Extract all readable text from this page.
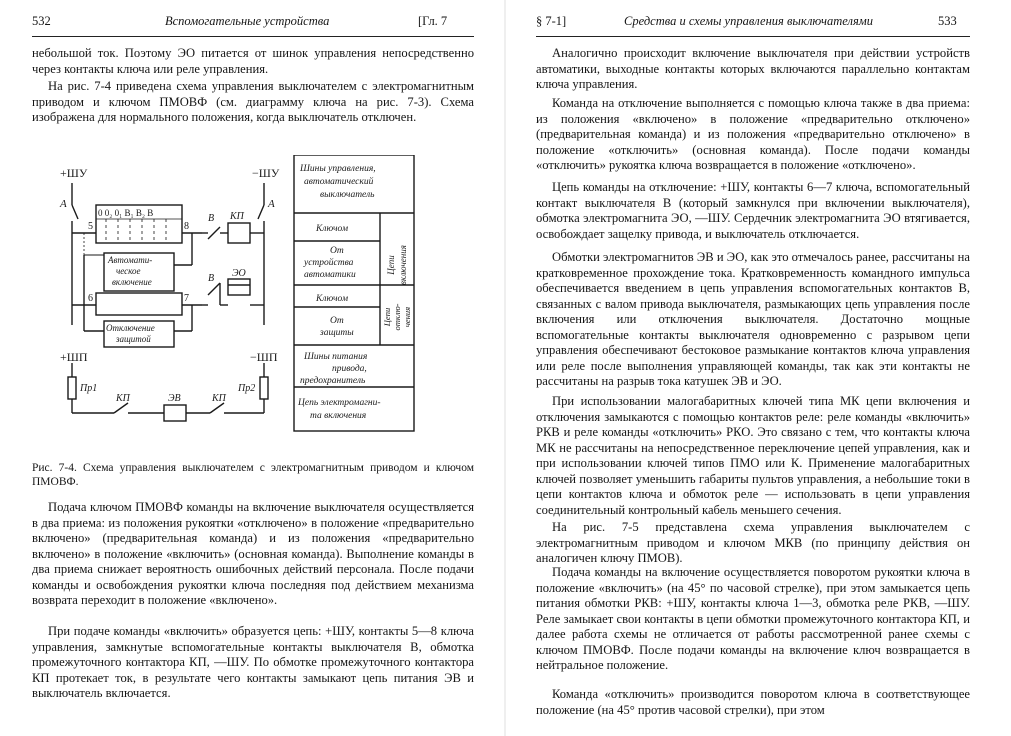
532	Вспомогательные устройства	[Гл. 7

небольшой ток. Поэтому ЭО питается от шинок управления непосредственно через контакты ключа или реле управления.

На рис. 7-4 приведена схема управления выключателем с электромагнитным приводом и ключом ПМОВФ (см. диаграмму ключа на рис. 7-3). Схема изображена для нормального положения, когда выключатель отключен.

+ШУ	−ШУ
А	А
0 0₂ 0₁ В₁ В₂ В
5	8
6	7
В
В
КП
ЭО
Автомати-
ческое
включение
Отключение
защитой
+ШП	−ШП
Пр1	Пр2
КП	ЭВ	КП
Шины управления,
автоматический
выключатель
Ключом
От
устройства
автоматики
Цепи включения
Ключом
От
защиты
Цепи отклю- чения
Шины питания
привода,
предохранитель
Цепь электромагни-
та включения

Рис. 7-4. Схема управления выключателем с электромагнитным приводом и ключом ПМОВФ.

Подача ключом ПМОВФ команды на включение выключателя осуществляется в два приема: из положения рукоятки «отключено» в положение «предварительно включено» (предварительная команда) и из положения «предварительно включено» в положение «включить» (основная команда). Выполнение команды в два приема снижает вероятность ошибочных действий персонала. После подачи команды и освобождения рукоятки ключа последняя под действием механизма возврата переходит в положение «включено».

При подаче команды «включить» образуется цепь: +ШУ, контакты 5—8 ключа управления, замкнутые вспомогательные контакты выключателя В, обмотка промежуточного контактора КП, —ШУ. По обмотке промежуточного контактора КП протекает ток, в результате чего контакты замыкают цепь питания ЭВ и выключатель включается.

§ 7-1]	Средства и схемы управления выключателями	533

Аналогично происходит включение выключателя при действии устройств автоматики, выходные контакты которых включаются параллельно контактам ключа управления.

Команда на отключение выполняется с помощью ключа также в два приема: из положения «включено» в положение «предварительно отключено» (предварительная команда) и из положения «предварительно отключено» в положение «отключить» (основная команда). После подачи команды «отключить» рукоятка ключа возвращается в положение «отключено».

Цепь команды на отключение: +ШУ, контакты 6—7 ключа, вспомогательный контакт выключателя В (который замкнулся при включении выключателя), обмотка электромагнита ЭО, —ШУ. Сердечник электромагнита ЭО втягивается, освобождает защелку привода, и выключатель отключается.

Обмотки электромагнитов ЭВ и ЭО, как это отмечалось ранее, рассчитаны на кратковременное прохождение тока. Кратковременность командного импульса обеспечивается введением в цепь управления вспомогательных контактов В, связанных с валом привода выключателя, размыкающих цепь управления после включения или отключения выключателя. Достаточно мощные вспомогательные контакты выключателя одновременно с разрывом цепи управления обеспечивают бестоковое размыкание контактов ключа управления или реле после выполнения управляющей команды, так как эти контакты не рассчитаны на разрыв тока катушек ЭВ и ЭО.

При использовании малогабаритных ключей типа МК цепи включения и отключения замыкаются с помощью контактов реле: реле команды «включить» РКВ и реле команды «отключить» РКО. Это связано с тем, что контакты ключа МК не рассчитаны на непосредственное переключение цепей управления, как и при использовании ключей типов ПМО или К. Применение малогабаритных ключей позволяет уменьшить габариты пультов управления, а небольшие токи в цепи контактов ключа и обмоток реле — использовать в цепи управления соединительный контрольный кабель меньшего сечения.

На рис. 7-5 представлена схема управления выключателем с электромагнитным приводом и ключом МКВ (по принципу действия он аналогичен ключу ПМОВ).

Подача команды на включение осуществляется поворотом рукоятки ключа в положение «включить» (на 45° по часовой стрелке), при этом замыкается цепь питания обмотки РКВ: +ШУ, контакты ключа 1—3, обмотка реле РКВ, —ШУ. Реле замыкает свои контакты в цепи обмотки промежуточного контактора КП, и далее работа схемы не отличается от работы рассмотренной ранее схемы с ключом ПМОВФ. После подачи команды на включение ключ возвращается в нейтральное положение.

Команда «отключить» производится поворотом ключа в соответствующее положение (на 45° против часовой стрелки), при этом
